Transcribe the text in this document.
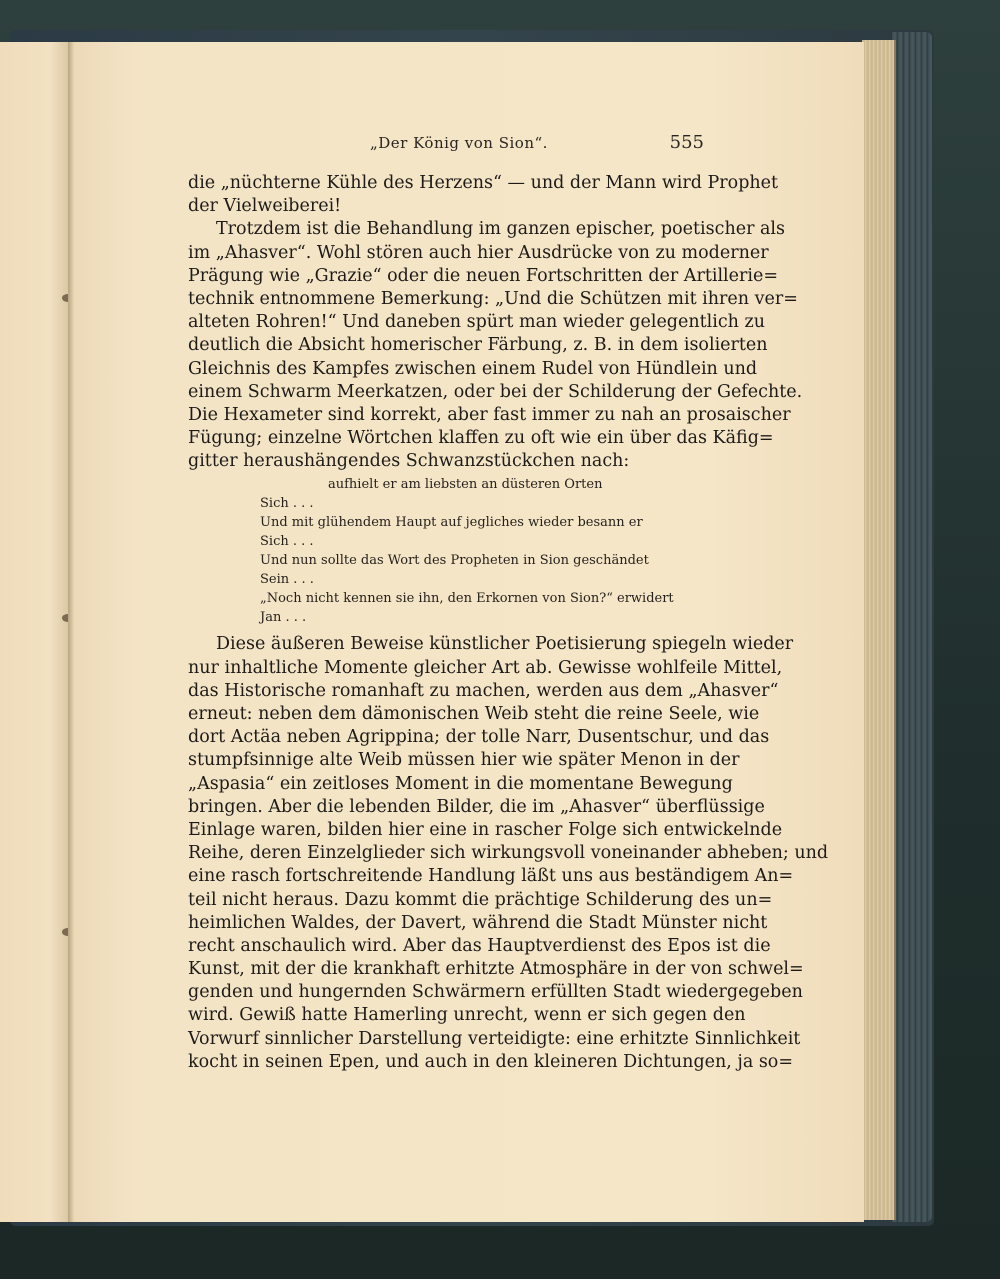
„Der König von Sion“.	555
die „nüchterne Kühle des Herzens“ — und der Mann wird Prophet
der Vielweiberei!
Trotzdem ist die Behandlung im ganzen epischer, poetischer als
im „Ahasver“. Wohl stören auch hier Ausdrücke von zu moderner
Prägung wie „Grazie“ oder die neuen Fortschritten der Artillerie=
technik entnommene Bemerkung: „Und die Schützen mit ihren ver=
alteten Rohren!“ Und daneben spürt man wieder gelegentlich zu
deutlich die Absicht homerischer Färbung, z. B. in dem isolierten
Gleichnis des Kampfes zwischen einem Rudel von Hündlein und
einem Schwarm Meerkatzen, oder bei der Schilderung der Gefechte.
Die Hexameter sind korrekt, aber fast immer zu nah an prosaischer
Fügung; einzelne Wörtchen klaffen zu oft wie ein über das Käfig=
gitter heraushängendes Schwanzstückchen nach:
aufhielt er am liebsten an düsteren Orten
Sich . . .
Und mit glühendem Haupt auf jegliches wieder besann er
Sich . . .
Und nun sollte das Wort des Propheten in Sion geschändet
Sein . . .
„Noch nicht kennen sie ihn, den Erkornen von Sion?“ erwidert
Jan . . .
Diese äußeren Beweise künstlicher Poetisierung spiegeln wieder
nur inhaltliche Momente gleicher Art ab. Gewisse wohlfeile Mittel,
das Historische romanhaft zu machen, werden aus dem „Ahasver“
erneut: neben dem dämonischen Weib steht die reine Seele, wie
dort Actäa neben Agrippina; der tolle Narr, Dusentschur, und das
stumpfsinnige alte Weib müssen hier wie später Menon in der
„Aspasia“ ein zeitloses Moment in die momentane Bewegung
bringen. Aber die lebenden Bilder, die im „Ahasver“ überflüssige
Einlage waren, bilden hier eine in rascher Folge sich entwickelnde
Reihe, deren Einzelglieder sich wirkungsvoll voneinander abheben; und
eine rasch fortschreitende Handlung läßt uns aus beständigem An=
teil nicht heraus. Dazu kommt die prächtige Schilderung des un=
heimlichen Waldes, der Davert, während die Stadt Münster nicht
recht anschaulich wird. Aber das Hauptverdienst des Epos ist die
Kunst, mit der die krankhaft erhitzte Atmosphäre in der von schwel=
genden und hungernden Schwärmern erfüllten Stadt wiedergegeben
wird. Gewiß hatte Hamerling unrecht, wenn er sich gegen den
Vorwurf sinnlicher Darstellung verteidigte: eine erhitzte Sinnlichkeit
kocht in seinen Epen, und auch in den kleineren Dichtungen, ja so=
